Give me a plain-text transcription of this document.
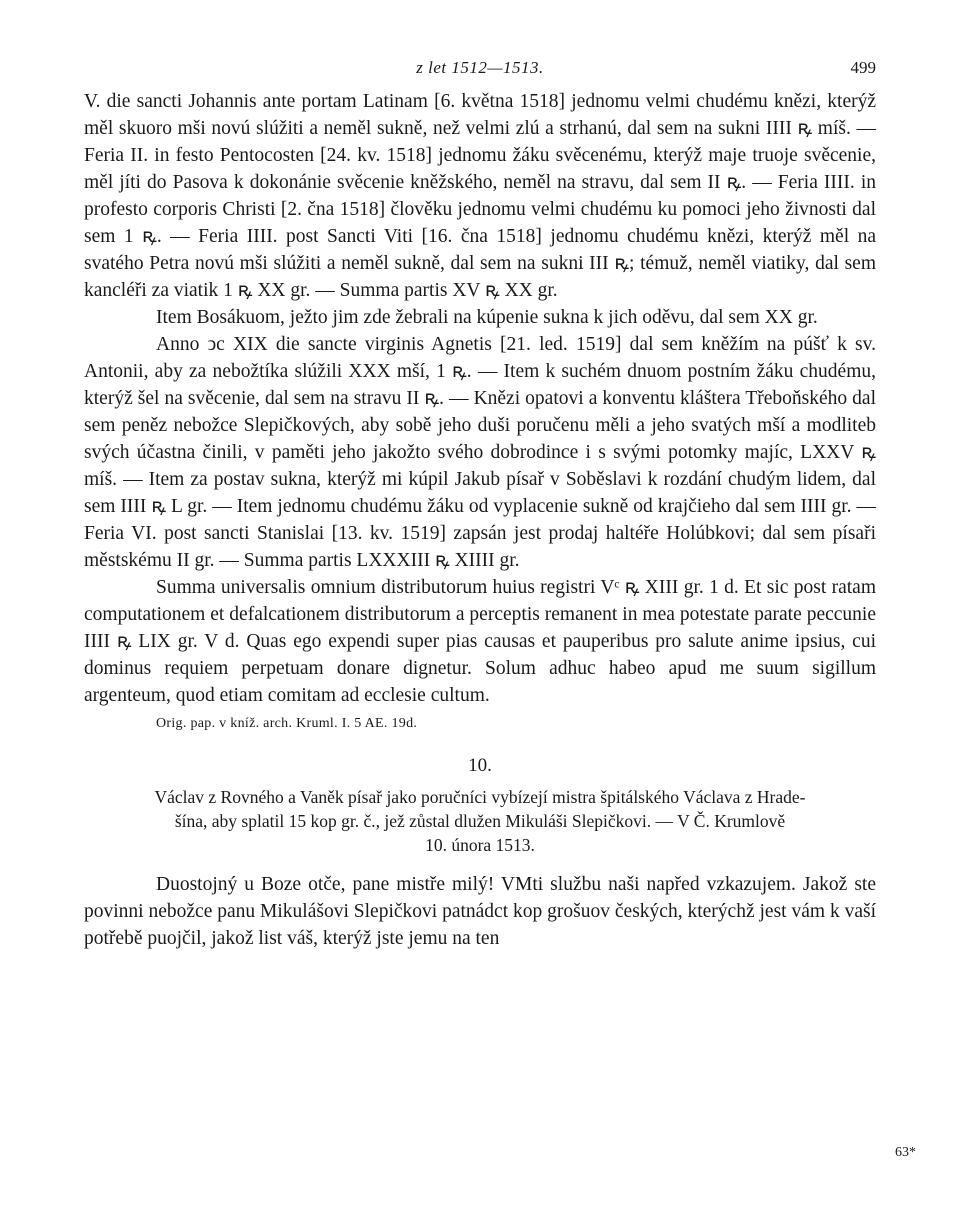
z let 1512—1513.	499

V. die sancti Johannis ante portam Latinam [6. května 1518] jednomu velmi chudému knězi, kterýž měl skuoro mši novú slúžiti a neměl sukně, než velmi zlú a strhanú, dal sem na sukni IIII ꝶ míš. — Feria II. in festo Pentocosten [24. kv. 1518] jednomu žáku svěcenému, kterýž maje truoje svěcenie, měl jíti do Pasova k dokonánie svěcenie kněžského, neměl na stravu, dal sem II ꝶ. — Feria IIII. in profesto corporis Christi [2. čna 1518] člověku jednomu velmi chudému ku pomoci jeho živnosti dal sem 1 ꝶ. — Feria IIII. post Sancti Viti [16. čna 1518] jednomu chudému knězi, kterýž měl na svatého Petra novú mši slúžiti a neměl sukně, dal sem na sukni III ꝶ; témuž, neměl viatiky, dal sem kancléři za viatik 1 ꝶ XX gr. — Summa partis XV ꝶ XX gr.

Item Bosákuom, ježto jim zde žebrali na kúpenie sukna k jich oděvu, dal sem XX gr.

Anno ↄc XIX die sancte virginis Agnetis [21. led. 1519] dal sem kněžím na púšť k sv. Antonii, aby za nebožtíka slúžili XXX mší, 1 ꝶ. — Item k suchém dnuom postním žáku chudému, kterýž šel na svěcenie, dal sem na stravu II ꝶ. — Knězi opatovi a konventu kláštera Třeboňského dal sem peněz nebožce Slepičkových, aby sobě jeho duši poručenu měli a jeho svatých mší a modliteb svých účastna činili, v paměti jeho jakožto svého dobrodince i s svými potomky majíc, LXXV ꝶ míš. — Item za postav sukna, kterýž mi kúpil Jakub písař v Soběslavi k rozdání chudým lidem, dal sem IIII ꝶ L gr. — Item jednomu chudému žáku od vyplacenie sukně od krajčieho dal sem IIII gr. — Feria VI. post sancti Stanislai [13. kv. 1519] zapsán jest prodaj haltéře Holúbkovi; dal sem písaři městskému II gr. — Summa partis LXXXIII ꝶ XIIII gr.

Summa universalis omnium distributorum huius registri Vᶜ ꝶ XIII gr. 1 d. Et sic post ratam computationem et defalcationem distributorum a perceptis remanent in mea potestate parate peccunie IIII ꝶ LIX gr. V d. Quas ego expendi super pias causas et pauperibus pro salute anime ipsius, cui dominus requiem perpetuam donare dignetur. Solum adhuc habeo apud me suum sigillum argenteum, quod etiam comitam ad ecclesie cultum.

Orig. pap. v kníž. arch. Kruml. I. 5 AE. 19d.
10.
Václav z Rovného a Vaněk písař jako poručníci vybízejí mistra špitálského Václava z Hrade-
šína, aby splatil 15 kop gr. č., jež zůstal dlužen Mikuláši Slepičkovi. — V Č. Krumlově
10. února 1513.

Duostojný u Boze otče, pane mistře milý! VMti službu naši napřed vzkazujem. Jakož ste povinni nebožce panu Mikulášovi Slepičkovi patnádct kop grošuov českých, kterýchž jest vám k vaší potřebě puojčil, jakož list váš, kterýž jste jemu na ten

63*
